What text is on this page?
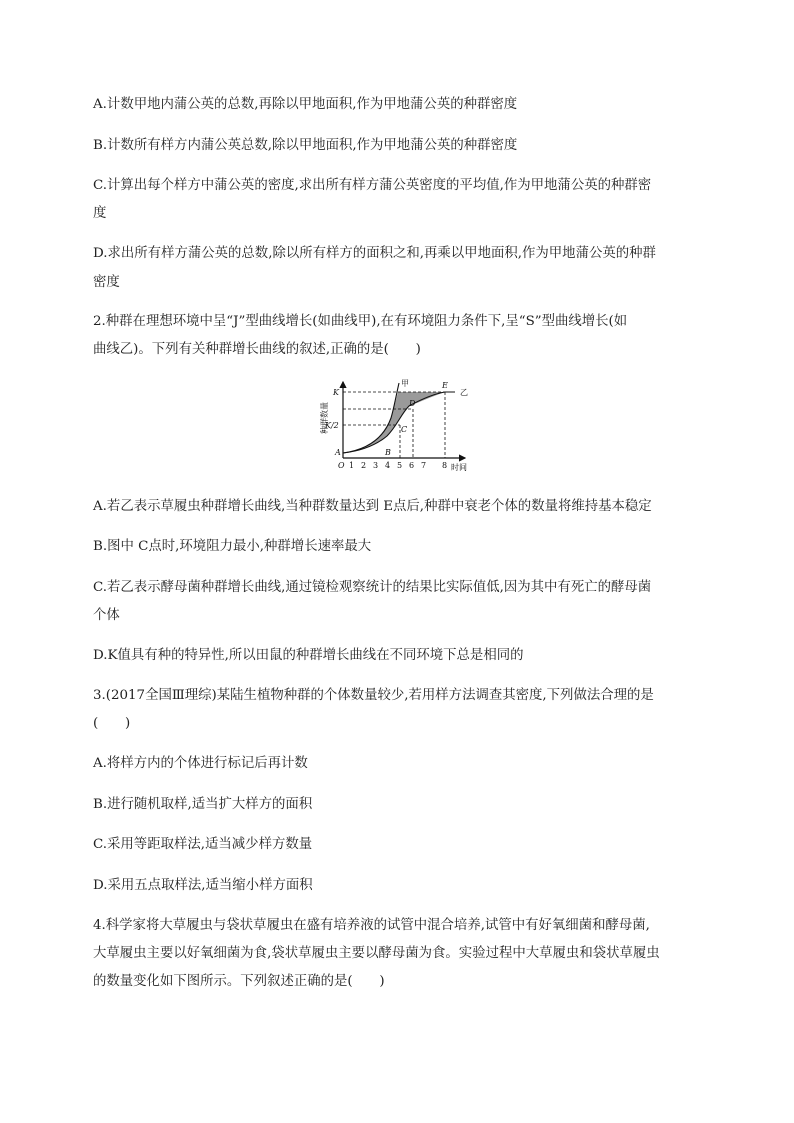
A.计数甲地内蒲公英的总数,再除以甲地面积,作为甲地蒲公英的种群密度
B.计数所有样方内蒲公英总数,除以甲地面积,作为甲地蒲公英的种群密度
C.计算出每个样方中蒲公英的密度,求出所有样方蒲公英密度的平均值,作为甲地蒲公英的种群密
度
D.求出所有样方蒲公英的总数,除以所有样方的面积之和,再乘以甲地面积,作为甲地蒲公英的种群
密度
2.种群在理想环境中呈“J”型曲线增长(如曲线甲),在有环境阻力条件下,呈“S”型曲线增长(如
曲线乙)。下列有关种群增长曲线的叙述,正确的是(　　)
种群数量
甲
乙
K
K/2
A	B
C
D
E
O 1 2 3 4 5 6 7 8 时间
A.若乙表示草履虫种群增长曲线,当种群数量达到 E点后,种群中衰老个体的数量将维持基本稳定
B.图中 C点时,环境阻力最小,种群增长速率最大
C.若乙表示酵母菌种群增长曲线,通过镜检观察统计的结果比实际值低,因为其中有死亡的酵母菌
个体
D.K值具有种的特异性,所以田鼠的种群增长曲线在不同环境下总是相同的
3.(2017全国Ⅲ理综)某陆生植物种群的个体数量较少,若用样方法调查其密度,下列做法合理的是
(　　)
A.将样方内的个体进行标记后再计数
B.进行随机取样,适当扩大样方的面积
C.采用等距取样法,适当减少样方数量
D.采用五点取样法,适当缩小样方面积
4.科学家将大草履虫与袋状草履虫在盛有培养液的试管中混合培养,试管中有好氧细菌和酵母菌,
大草履虫主要以好氧细菌为食,袋状草履虫主要以酵母菌为食。实验过程中大草履虫和袋状草履虫
的数量变化如下图所示。下列叙述正确的是(　　)
